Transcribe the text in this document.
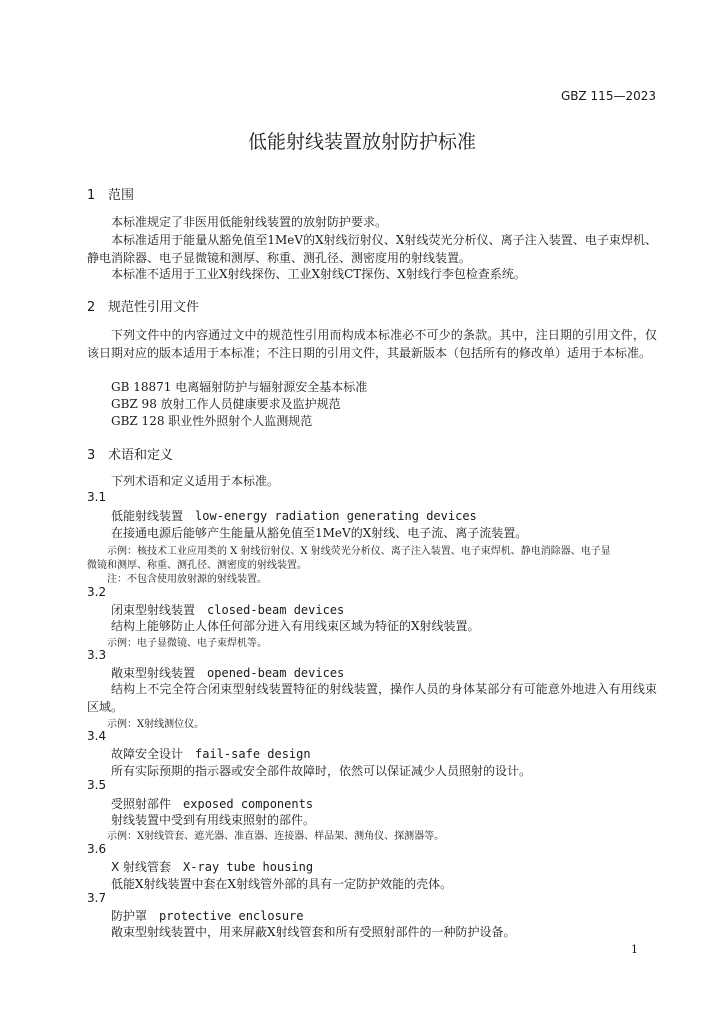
GBZ 115—2023
低能射线装置放射防护标准
1 范围
本标准规定了非医用低能射线装置的放射防护要求。
本标准适用于能量从豁免值至1MeV的X射线衍射仪、X射线荧光分析仪、离子注入装置、电子束焊机、静电消除器、电子显微镜和测厚、称重、测孔径、测密度用的射线装置。
本标准不适用于工业X射线探伤、工业X射线CT探伤、X射线行李包检查系统。
2 规范性引用文件
下列文件中的内容通过文中的规范性引用而构成本标准必不可少的条款。其中，注日期的引用文件，仅该日期对应的版本适用于本标准；不注日期的引用文件，其最新版本（包括所有的修改单）适用于本标准。
GB 18871 电离辐射防护与辐射源安全基本标准
GBZ 98 放射工作人员健康要求及监护规范
GBZ 128 职业性外照射个人监测规范
3 术语和定义
下列术语和定义适用于本标准。
3.1
低能射线装置 low-energy radiation generating devices
在接通电源后能够产生能量从豁免值至1MeV的X射线、电子流、离子流装置。
示例：核技术工业应用类的 X 射线衍射仪、X 射线荧光分析仪、离子注入装置、电子束焊机、静电消除器、电子显
微镜和测厚、称重、测孔径、测密度的射线装置。
注：不包含使用放射源的射线装置。
3.2
闭束型射线装置 closed-beam devices
结构上能够防止人体任何部分进入有用线束区域为特征的X射线装置。
示例：电子显微镜、电子束焊机等。
3.3
敞束型射线装置 opened-beam devices
结构上不完全符合闭束型射线装置特征的射线装置，操作人员的身体某部分有可能意外地进入有用线束区域。
示例：X射线测位仪。
3.4
故障安全设计 fail-safe design
所有实际预期的指示器或安全部件故障时，依然可以保证减少人员照射的设计。
3.5
受照射部件 exposed components
射线装置中受到有用线束照射的部件。
示例：X射线管套、遮光器、准直器、连接器、样品架、测角仪、探测器等。
3.6
X 射线管套 X-ray tube housing
低能X射线装置中套在X射线管外部的具有一定防护效能的壳体。
3.7
防护罩 protective enclosure
敞束型射线装置中，用来屏蔽X射线管套和所有受照射部件的一种防护设备。
1
